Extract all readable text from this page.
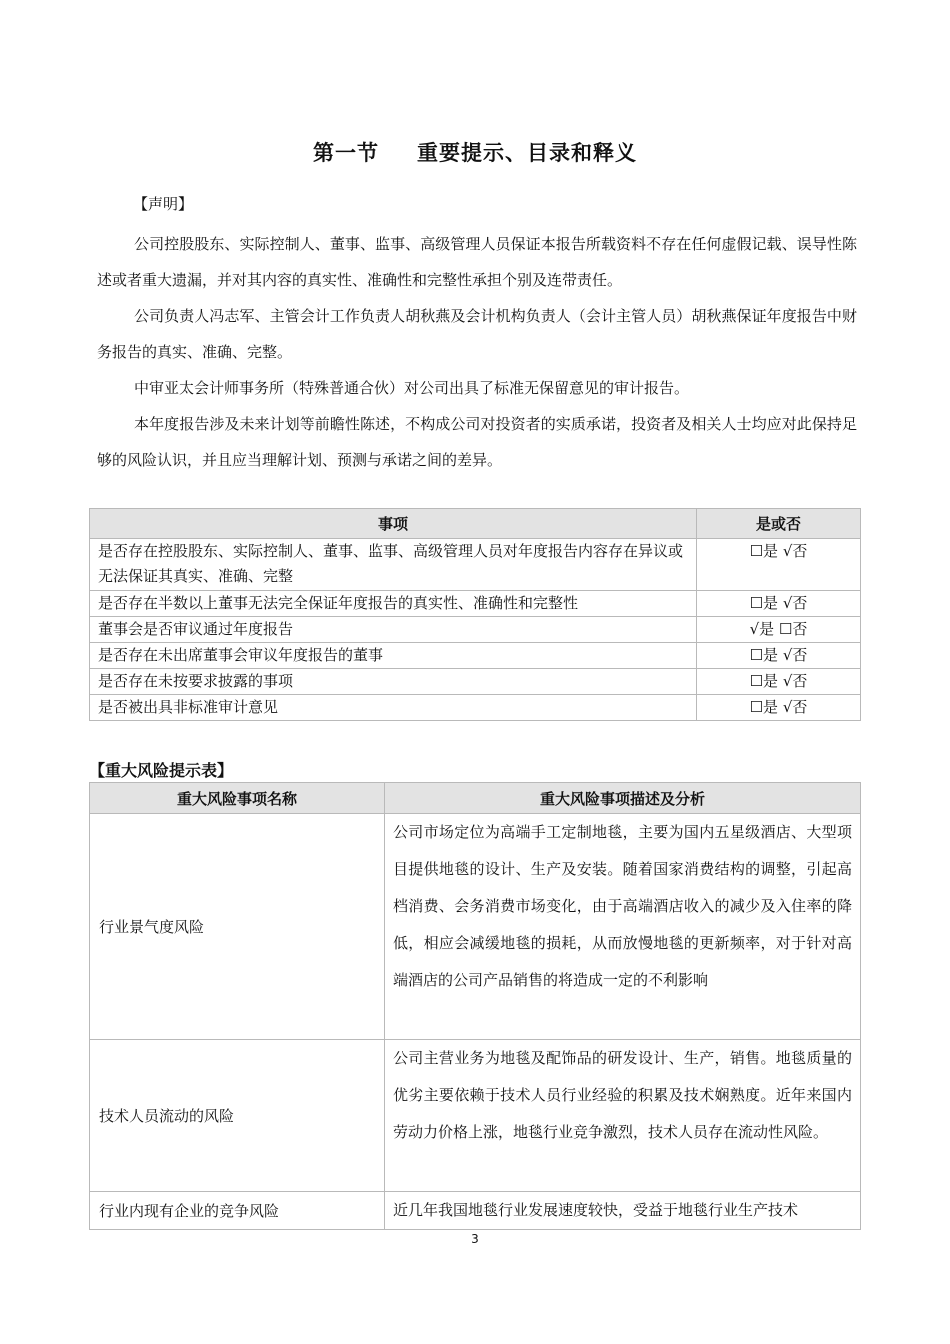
第一节 重要提示、目录和释义
【声明】

公司控股股东、实际控制人、董事、监事、高级管理人员保证本报告所载资料不存在任何虚假记载、误导性陈述或者重大遗漏，并对其内容的真实性、准确性和完整性承担个别及连带责任。

公司负责人冯志军、主管会计工作负责人胡秋燕及会计机构负责人（会计主管人员）胡秋燕保证年度报告中财务报告的真实、准确、完整。

中审亚太会计师事务所（特殊普通合伙）对公司出具了标准无保留意见的审计报告。

本年度报告涉及未来计划等前瞻性陈述，不构成公司对投资者的实质承诺，投资者及相关人士均应对此保持足够的风险认识，并且应当理解计划、预测与承诺之间的差异。

事项	是或否
是否存在控股股东、实际控制人、董事、监事、高级管理人员对年度报告内容存在异议或无法保证其真实、准确、完整	☐是 √否
是否存在半数以上董事无法完全保证年度报告的真实性、准确性和完整性	☐是 √否
董事会是否审议通过年度报告	√是 ☐否
是否存在未出席董事会审议年度报告的董事	☐是 √否
是否存在未按要求披露的事项	☐是 √否
是否被出具非标准审计意见	☐是 √否
【重大风险提示表】
重大风险事项名称	重大风险事项描述及分析
行业景气度风险	公司市场定位为高端手工定制地毯，主要为国内五星级酒店、大型项目提供地毯的设计、生产及安装。随着国家消费结构的调整，引起高档消费、会务消费市场变化，由于高端酒店收入的减少及入住率的降低，相应会减缓地毯的损耗，从而放慢地毯的更新频率，对于针对高端酒店的公司产品销售的将造成一定的不利影响
技术人员流动的风险	公司主营业务为地毯及配饰品的研发设计、生产，销售。地毯质量的优劣主要依赖于技术人员行业经验的积累及技术娴熟度。近年来国内劳动力价格上涨，地毯行业竞争激烈，技术人员存在流动性风险。
行业内现有企业的竞争风险	近几年我国地毯行业发展速度较快，受益于地毯行业生产技术
3
